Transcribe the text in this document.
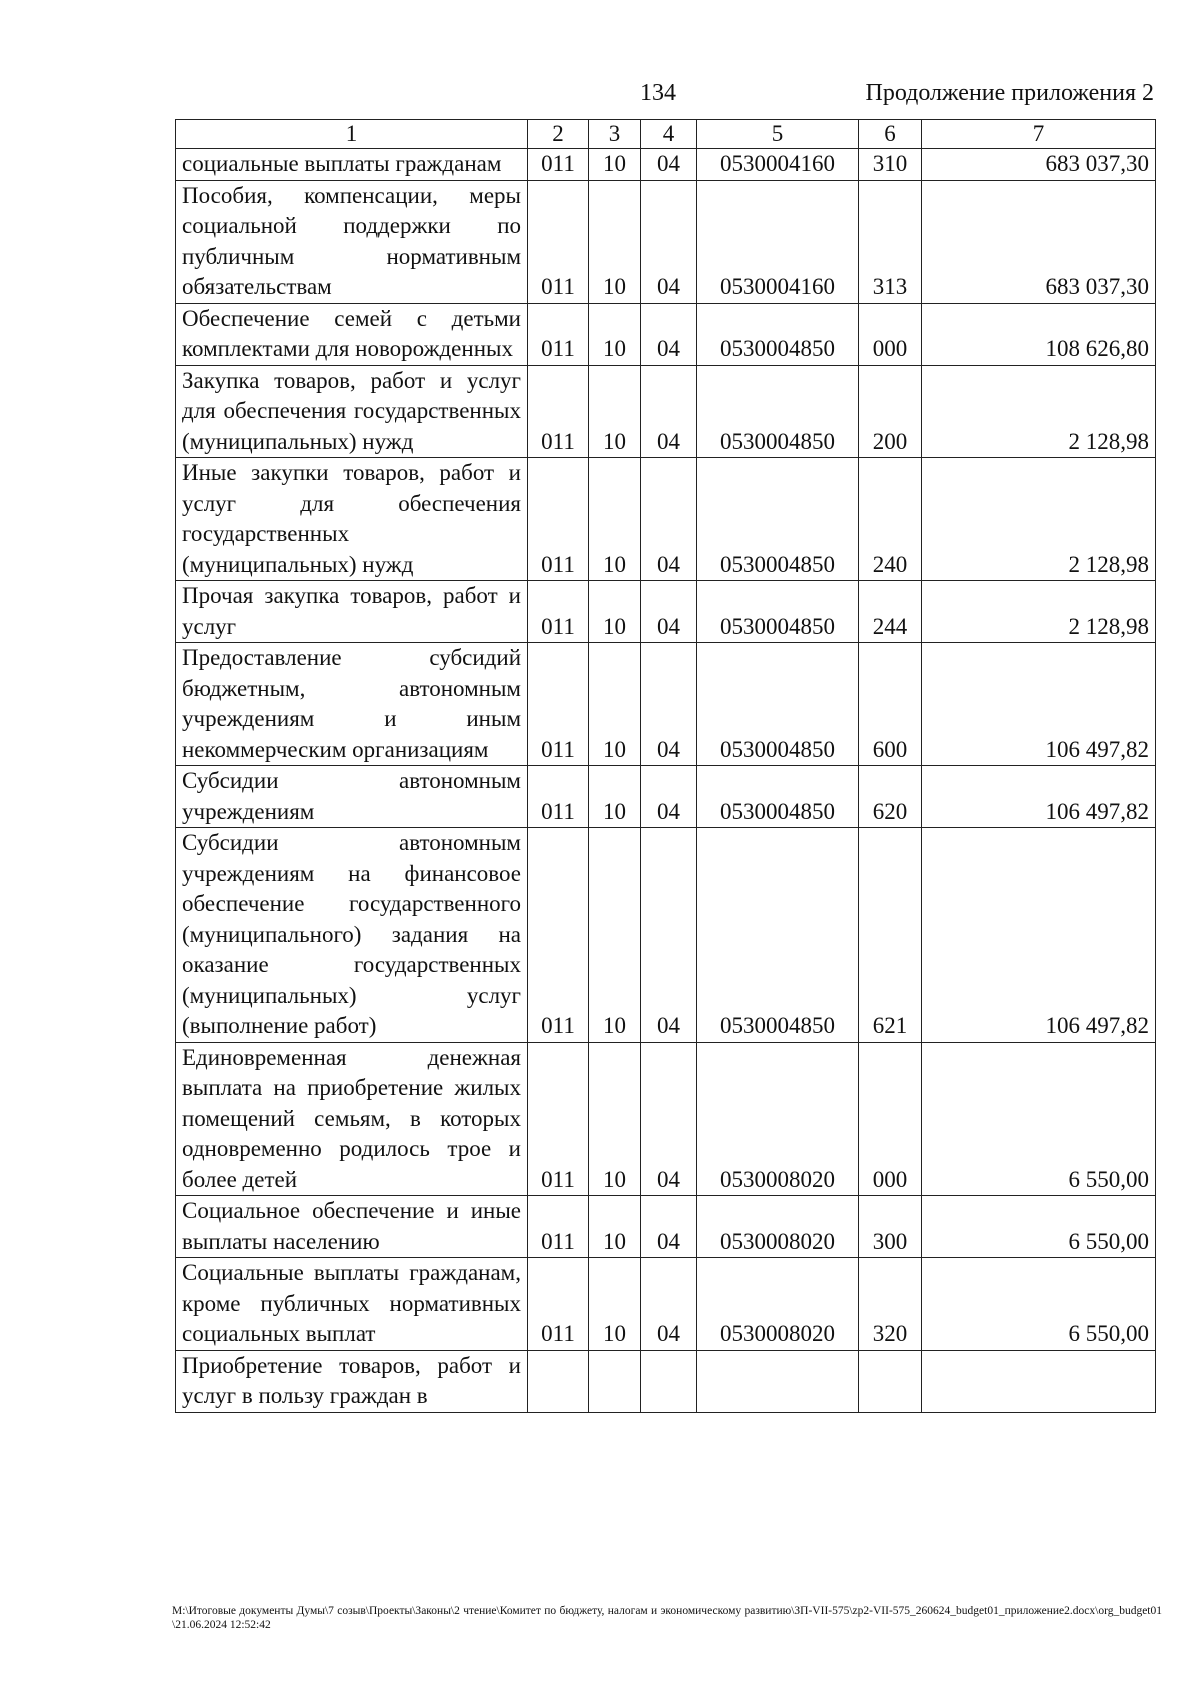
134	Продолжение приложения 2
1	2	3	4	5	6	7
социальные выплаты гражданам	011	10	04	0530004160	310	683 037,30
Пособия, компенсации, меры социальной поддержки по публичным нормативным обязательствам	011	10	04	0530004160	313	683 037,30
Обеспечение семей с детьми комплектами для новорожденных	011	10	04	0530004850	000	108 626,80
Закупка товаров, работ и услуг для обеспечения государственных (муниципальных) нужд	011	10	04	0530004850	200	2 128,98
Иные закупки товаров, работ и услуг для обеспечения государственных (муниципальных) нужд	011	10	04	0530004850	240	2 128,98
Прочая закупка товаров, работ и услуг	011	10	04	0530004850	244	2 128,98
Предоставление субсидий бюджетным, автономным учреждениям и иным некоммерческим организациям	011	10	04	0530004850	600	106 497,82
Субсидии автономным учреждениям	011	10	04	0530004850	620	106 497,82
Субсидии автономным учреждениям на финансовое обеспечение государственного (муниципального) задания на оказание государственных (муниципальных) услуг (выполнение работ)	011	10	04	0530004850	621	106 497,82
Единовременная денежная выплата на приобретение жилых помещений семьям, в которых одновременно родилось трое и более детей	011	10	04	0530008020	000	6 550,00
Социальное обеспечение и иные выплаты населению	011	10	04	0530008020	300	6 550,00
Социальные выплаты гражданам, кроме публичных нормативных социальных выплат	011	10	04	0530008020	320	6 550,00
Приобретение товаров, работ и услуг в пользу граждан в						
M:\Итоговые документы Думы\7 созыв\Проекты\Законы\2 чтение\Комитет по бюджету, налогам и экономическому развитию\ЗП-VII-575\zp2-VII-575_260624_budget01_приложение2.docx\org_budget01\21.06.2024 12:52:42
